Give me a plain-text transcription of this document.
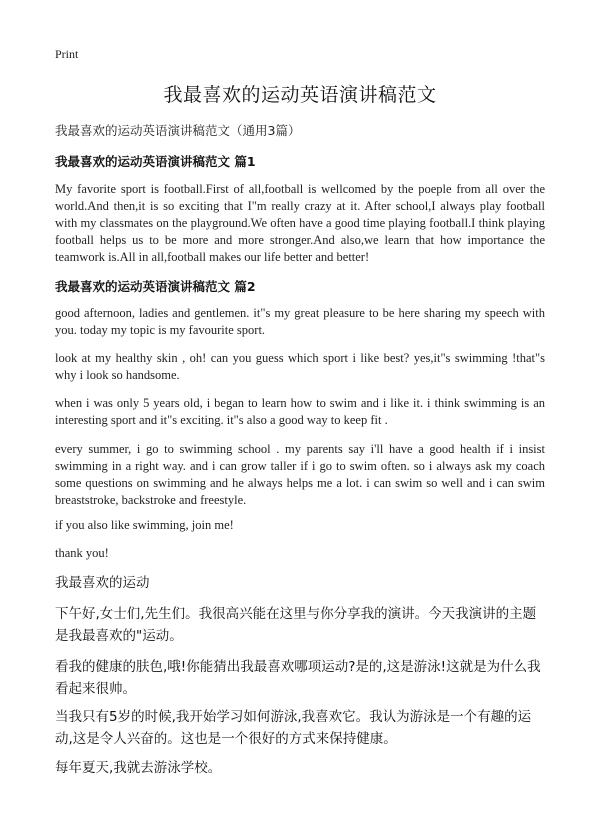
Print
我最喜欢的运动英语演讲稿范文
我最喜欢的运动英语演讲稿范文（通用3篇）
我最喜欢的运动英语演讲稿范文 篇1

My favorite sport is football.First of all,football is wellcomed by the poeple from all over the world.And then,it is so exciting that I"m really crazy at it. After school,I always play football with my classmates on the playground.We often have a good time playing football.I think playing football helps us to be more and more stronger.And also,we learn that how importance the teamwork is.All in all,football makes our life better and better!

我最喜欢的运动英语演讲稿范文 篇2

good afternoon, ladies and gentlemen. it"s my great pleasure to be here sharing my speech with you. today my topic is my favourite sport.

look at my healthy skin , oh! can you guess which sport i like best? yes,it"s swimming !that"s why i look so handsome.

when i was only 5 years old, i began to learn how to swim and i like it. i think swimming is an interesting sport and it"s exciting. it"s also a good way to keep fit .

every summer, i go to swimming school . my parents say i'll have a good health if i insist swimming in a right way. and i can grow taller if i go to swim often. so i always ask my coach some questions on swimming and he always helps me a lot. i can swim so well and i can swim breaststroke, backstroke and freestyle.

if you also like swimming, join me!

thank you!

我最喜欢的运动

下午好,女士们,先生们。我很高兴能在这里与你分享我的演讲。今天我演讲的主题是我最喜欢的"运动。

看我的健康的肤色,哦!你能猜出我最喜欢哪项运动?是的,这是游泳!这就是为什么我看起来很帅。

当我只有5岁的时候,我开始学习如何游泳,我喜欢它。我认为游泳是一个有趣的运动,这是令人兴奋的。这也是一个很好的方式来保持健康。

每年夏天,我就去游泳学校。
